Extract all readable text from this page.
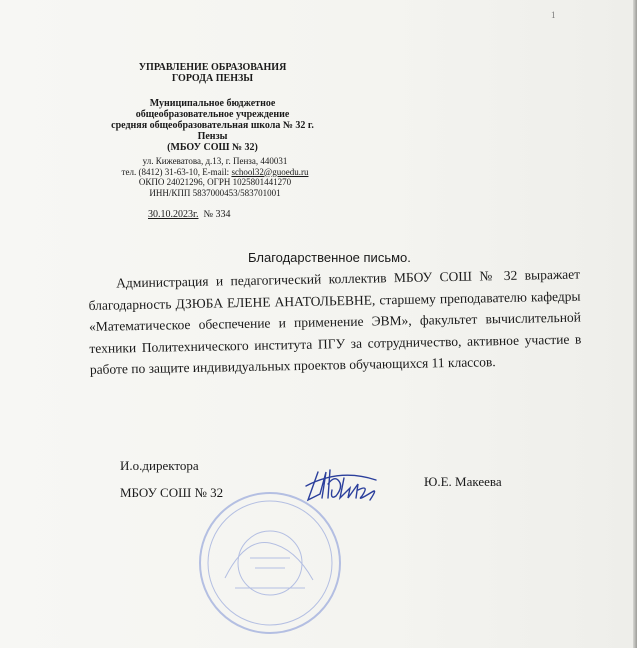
1
УПРАВЛЕНИЕ ОБРАЗОВАНИЯ
ГОРОДА ПЕНЗЫ
Муниципальное бюджетное
общеобразовательное учреждение
средняя общеобразовательная школа № 32 г. Пензы
(МБОУ СОШ № 32)
ул. Кижеватова, д.13, г. Пенза, 440031
тел. (8412) 31-63-10, E-mail: school32@guoedu.ru
ОКПО 24021296, ОГРН 1025801441270
ИНН/КПП 5837000453/583701001
30.10.2023г. № 334
Благодарственное письмо.
Администрация и педагогический коллектив МБОУ СОШ № 32 выражает благодарность ДЗЮБА ЕЛЕНЕ АНАТОЛЬЕВНЕ, старшему преподавателю кафедры «Математическое обеспечение и применение ЭВМ», факультет вычислительной техники Политехнического института ПГУ за сотрудничество, активное участие в работе по защите индивидуальных проектов обучающихся 11 классов.
И.о.директора
МБОУ СОШ № 32
Ю.Е. Макеева
